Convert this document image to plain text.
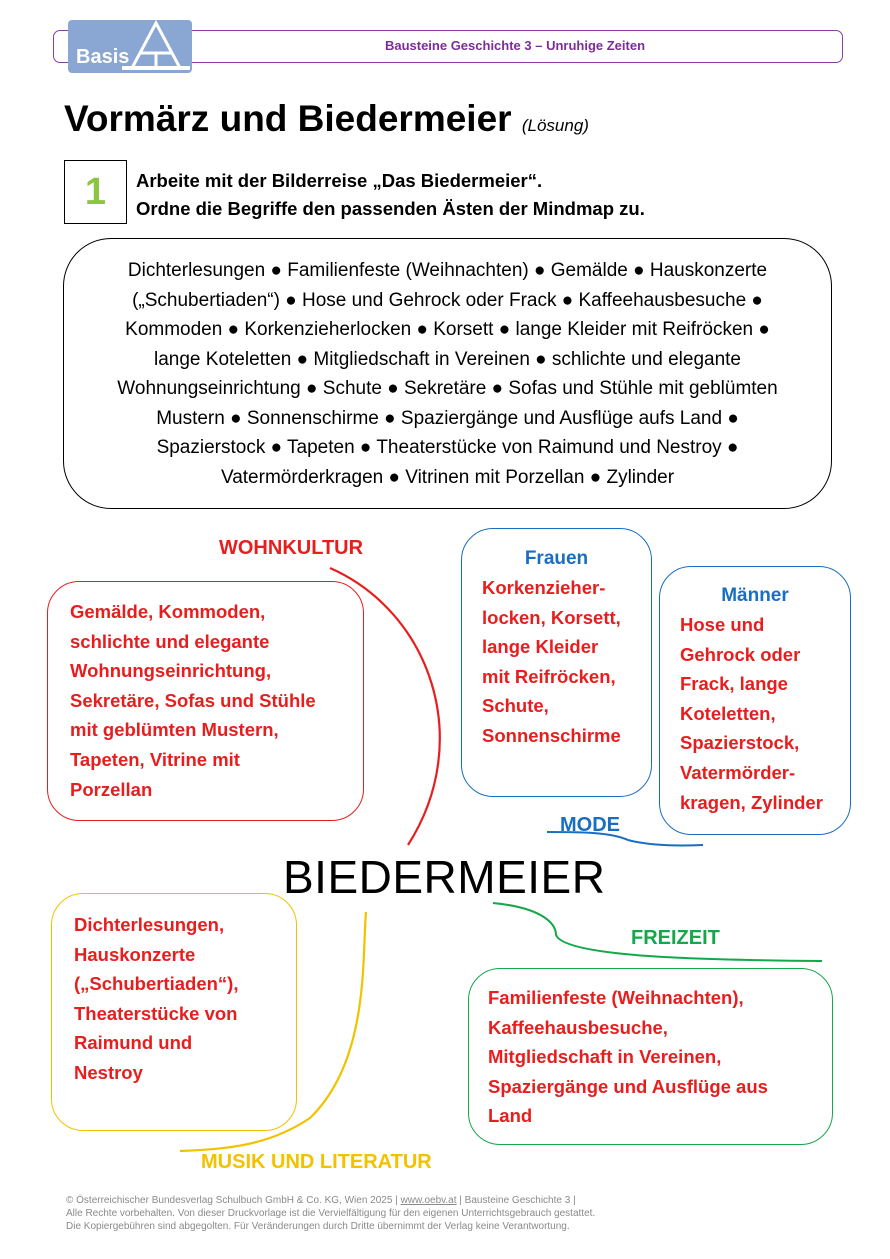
Basis
Bausteine Geschichte 3 – Unruhige Zeiten
Vormärz und Biedermeier (Lösung)
1	Arbeite mit der Bilderreise „Das Biedermeier“.
Ordne die Begriffe den passenden Ästen der Mindmap zu.
Dichterlesungen ● Familienfeste (Weihnachten) ● Gemälde ● Hauskonzerte
(„Schubertiaden“) ● Hose und Gehrock oder Frack ● Kaffeehausbesuche ●
Kommoden ● Korkenzieherlocken ● Korsett ● lange Kleider mit Reifröcken ●
lange Koteletten ● Mitgliedschaft in Vereinen ● schlichte und elegante
Wohnungseinrichtung ● Schute ● Sekretäre ● Sofas und Stühle mit geblümten
Mustern ● Sonnenschirme ● Spaziergänge und Ausflüge aufs Land ●
Spazierstock ● Tapeten ● Theaterstücke von Raimund und Nestroy ●
Vatermörderkragen ● Vitrinen mit Porzellan ● Zylinder
WOHNKULTUR
Gemälde, Kommoden,
schlichte und elegante
Wohnungseinrichtung,
Sekretäre, Sofas und Stühle
mit geblümten Mustern,
Tapeten, Vitrine mit
Porzellan
Frauen
Korkenzieher-
locken, Korsett,
lange Kleider
mit Reifröcken,
Schute,
Sonnenschirme
Männer
Hose und
Gehrock oder
Frack, lange
Koteletten,
Spazierstock,
Vatermörder-
kragen, Zylinder
MODE
BIEDERMEIER
Dichterlesungen,
Hauskonzerte
(„Schubertiaden“),
Theaterstücke von
Raimund und
Nestroy
MUSIK UND LITERATUR
FREIZEIT
Familienfeste (Weihnachten),
Kaffeehausbesuche,
Mitgliedschaft in Vereinen,
Spaziergänge und Ausflüge aus
Land
© Österreichischer Bundesverlag Schulbuch GmbH & Co. KG, Wien 2025 | www.oebv.at | Bausteine Geschichte 3 |
Alle Rechte vorbehalten. Von dieser Druckvorlage ist die Vervielfältigung für den eigenen Unterrichtsgebrauch gestattet.
Die Kopiergebühren sind abgegolten. Für Veränderungen durch Dritte übernimmt der Verlag keine Verantwortung.
